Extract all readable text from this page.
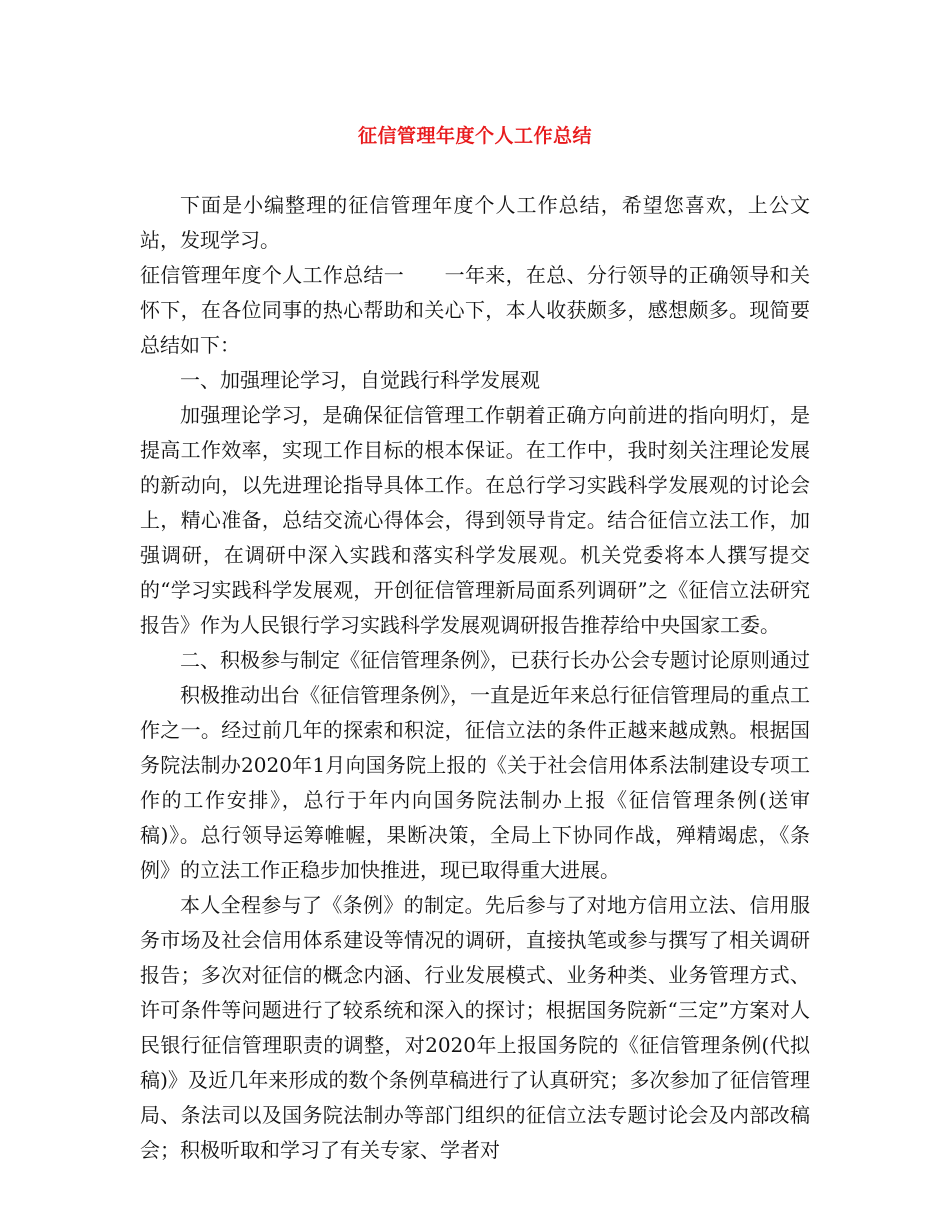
征信管理年度个人工作总结

下面是小编整理的征信管理年度个人工作总结，希望您喜欢，上公文站，发现学习。

征信管理年度个人工作总结一　　一年来，在总、分行领导的正确领导和关怀下，在各位同事的热心帮助和关心下，本人收获颇多，感想颇多。现简要总结如下：

一、加强理论学习，自觉践行科学发展观

加强理论学习，是确保征信管理工作朝着正确方向前进的指向明灯，是提高工作效率，实现工作目标的根本保证。在工作中，我时刻关注理论发展的新动向，以先进理论指导具体工作。在总行学习实践科学发展观的讨论会上，精心准备，总结交流心得体会，得到领导肯定。结合征信立法工作，加强调研，在调研中深入实践和落实科学发展观。机关党委将本人撰写提交的“学习实践科学发展观，开创征信管理新局面系列调研”之《征信立法研究报告》作为人民银行学习实践科学发展观调研报告推荐给中央国家工委。

二、积极参与制定《征信管理条例》，已获行长办公会专题讨论原则通过

积极推动出台《征信管理条例》，一直是近年来总行征信管理局的重点工作之一。经过前几年的探索和积淀，征信立法的条件正越来越成熟。根据国务院法制办2020年1月向国务院上报的《关于社会信用体系法制建设专项工作的工作安排》，总行于年内向国务院法制办上报《征信管理条例(送审稿)》。总行领导运筹帷幄，果断决策，全局上下协同作战，殚精竭虑，《条例》的立法工作正稳步加快推进，现已取得重大进展。

本人全程参与了《条例》的制定。先后参与了对地方信用立法、信用服务市场及社会信用体系建设等情况的调研，直接执笔或参与撰写了相关调研报告；多次对征信的概念内涵、行业发展模式、业务种类、业务管理方式、许可条件等问题进行了较系统和深入的探讨；根据国务院新“三定”方案对人民银行征信管理职责的调整，对2020年上报国务院的《征信管理条例(代拟稿)》及近几年来形成的数个条例草稿进行了认真研究；多次参加了征信管理局、条法司以及国务院法制办等部门组织的征信立法专题讨论会及内部改稿会；积极听取和学习了有关专家、学者对
